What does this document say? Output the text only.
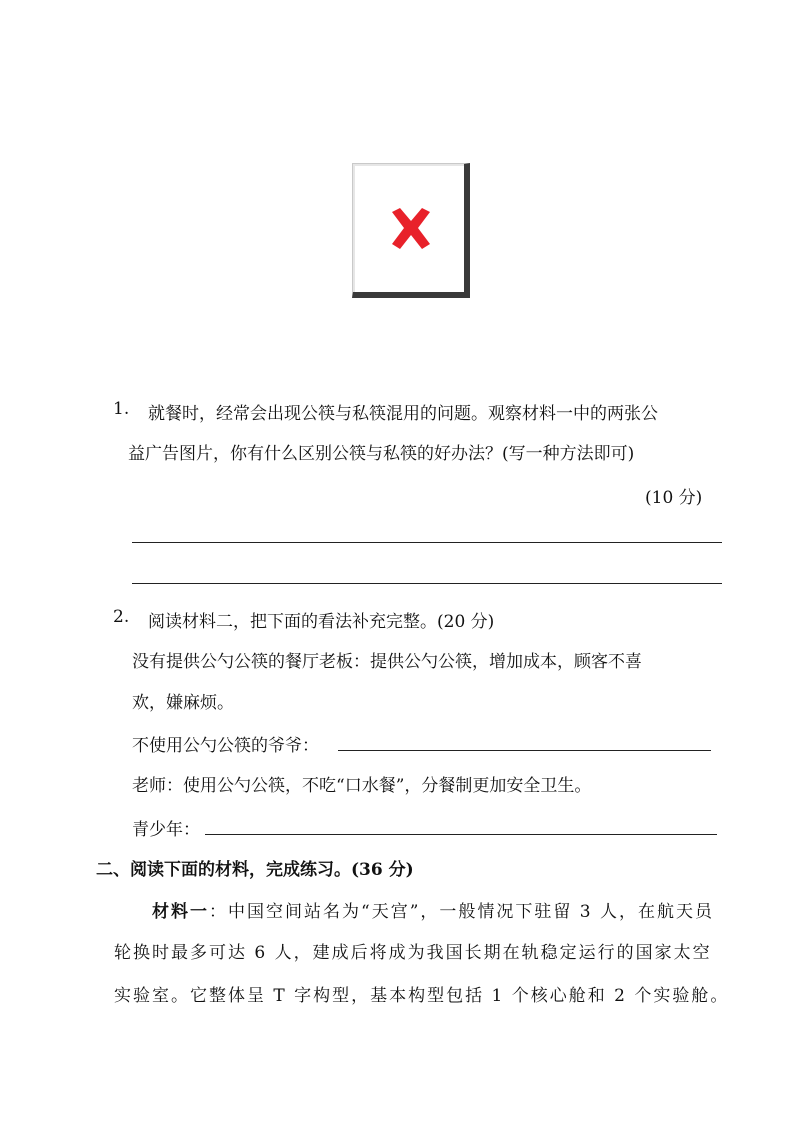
1. 就餐时，经常会出现公筷与私筷混用的问题。观察材料一中的两张公
益广告图片，你有什么区别公筷与私筷的好办法？(写一种方法即可)
(10 分)
2. 阅读材料二，把下面的看法补充完整。(20 分)
没有提供公勺公筷的餐厅老板：提供公勺公筷，增加成本，顾客不喜
欢，嫌麻烦。
不使用公勺公筷的爷爷：
老师：使用公勺公筷，不吃“口水餐”，分餐制更加安全卫生。
青少年：
二、阅读下面的材料，完成练习。(36 分)
材料一：中国空间站名为“天宫”，一般情况下驻留 3 人，在航天员
轮换时最多可达 6 人，建成后将成为我国长期在轨稳定运行的国家太空
实验室。它整体呈 T 字构型，基本构型包括 1 个核心舱和 2 个实验舱。
